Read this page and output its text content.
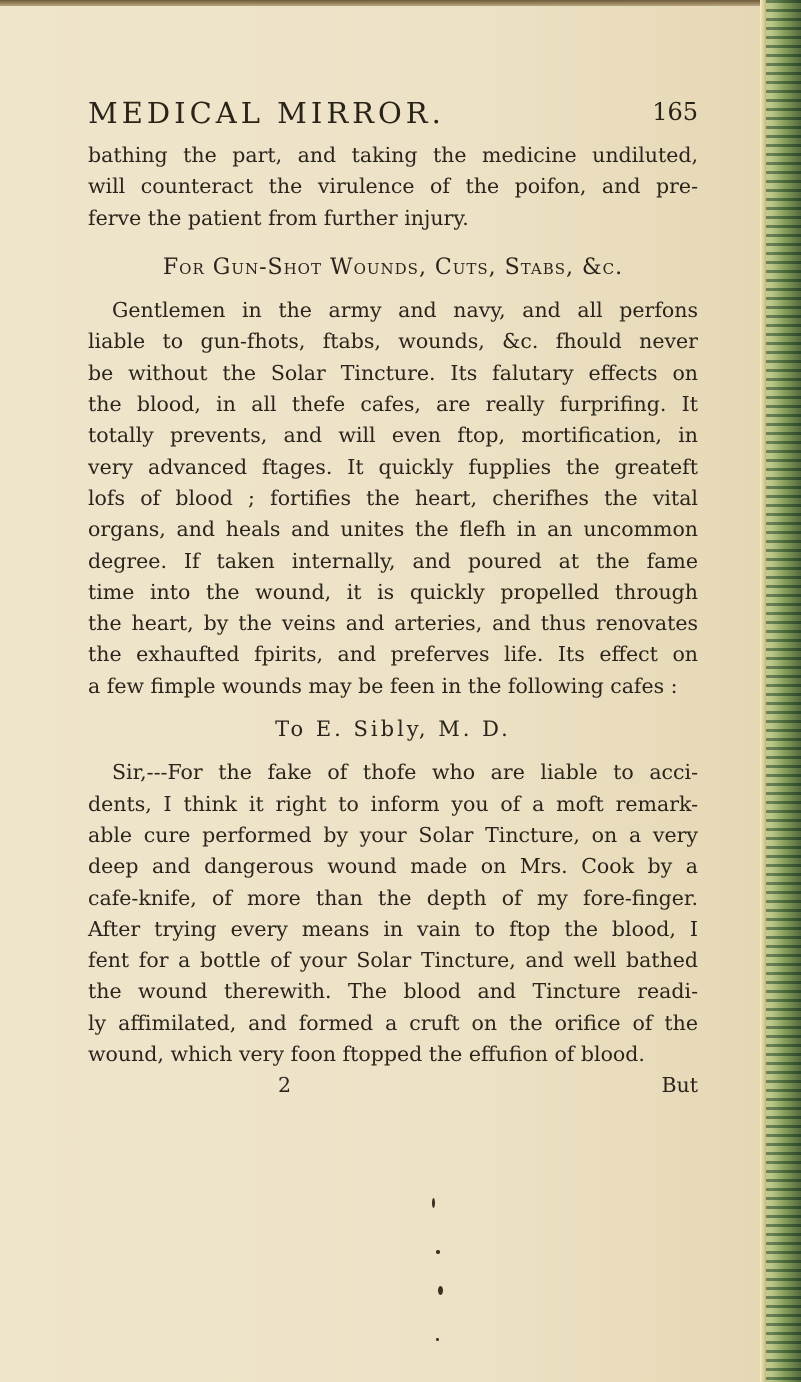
MEDICAL MIRROR.	165
bathing the part, and taking the medicine undiluted,
will counteract the virulence of the poifon, and pre-
ferve the patient from further injury.
For Gun-Shot Wounds, Cuts, Stabs, &c.
Gentlemen in the army and navy, and all perfons
liable to gun-fhots, ftabs, wounds, &c. fhould never
be without the Solar Tincture. Its falutary effects on
the blood, in all thefe cafes, are really furprifing. It
totally prevents, and will even ftop, mortification, in
very advanced ftages. It quickly fupplies the greateft
lofs of blood ; fortifies the heart, cherifhes the vital
organs, and heals and unites the flefh in an uncommon
degree. If taken internally, and poured at the fame
time into the wound, it is quickly propelled through
the heart, by the veins and arteries, and thus renovates
the exhaufted fpirits, and preferves life. Its effect on
a few fimple wounds may be feen in the following cafes :
To E. Sibly, M. D.
Sir,---For the fake of thofe who are liable to acci-
dents, I think it right to inform you of a moft remark-
able cure performed by your Solar Tincture, on a very
deep and dangerous wound made on Mrs. Cook by a
cafe-knife, of more than the depth of my fore-finger.
After trying every means in vain to ftop the blood, I
fent for a bottle of your Solar Tincture, and well bathed
the wound therewith. The blood and Tincture readi-
ly affimilated, and formed a cruft on the orifice of the
wound, which very foon ftopped the effufion of blood.
2	But
